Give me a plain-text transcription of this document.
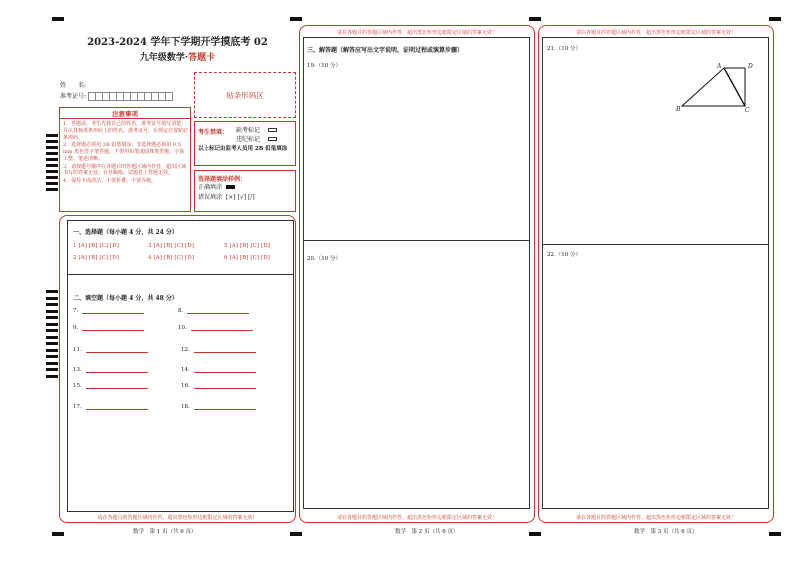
2023-2024 学年下学期开学摸底考 02
九年级数学·答题卡
姓　　名:
准考证号:	贴条形码区
注意事项
1．答题前，考生先将自己的姓名，准考证号填写清楚，并认真核准条形码上的姓名、准考证号，在规定位置贴好条形码。
2．选择题必须用 2B 铅笔填涂；非选择题必须用 0.5 mm 黑色签字笔答题，不得用铅笔或圆珠笔答题；字体工整、笔迹清晰。
3．请按题号顺序在各题目的答题区域内作答，超出区域书写的答案无效；在草稿纸、试题卷上答题无效。
4．保持卡面清洁，不要折叠、不要弄破。
考生禁填： 缺考标记
违纪标记
以上标记由监考人员用 2B 铅笔填涂
选择题填涂样例：
正确填涂
错误填涂 [×] [√] [/]
一、选择题（每小题 4 分，共 24 分）
1 [A] [B] [C] [D]	3 [A] [B] [C] [D]	5 [A] [B] [C] [D]
2 [A] [B] [C] [D]	4 [A] [B] [C] [D]	6 [A] [B] [C] [D]
二、填空题（每小题 4 分，共 48 分）
7.	8.
9.	10.
11.	12.
13.	14.
15.	16.
17.	18.
请在各题目的答题区域内作答，超出黑色矩形边框限定区域的答案无效！
数学　第 1 页（共 6 页）
请在各题目的答题区域内作答，超出黑色矩形边框限定区域的答案无效！
三、解答题（解答应写出文字说明，证明过程或演算步骤）
19.（10 分）
20.（10 分）
请在各题目的答题区域内作答，超出黑色矩形边框限定区域的答案无效！
数学　第 2 页（共 6 页）
请在各题目的答题区域内作答，超出黑色矩形边框限定区域的答案无效！
21.（10 分）
A	D
B	C
22.（10 分）
请在各题目的答题区域内作答，超出黑色矩形边框限定区域的答案无效！
数学　第 3 页（共 6 页）
